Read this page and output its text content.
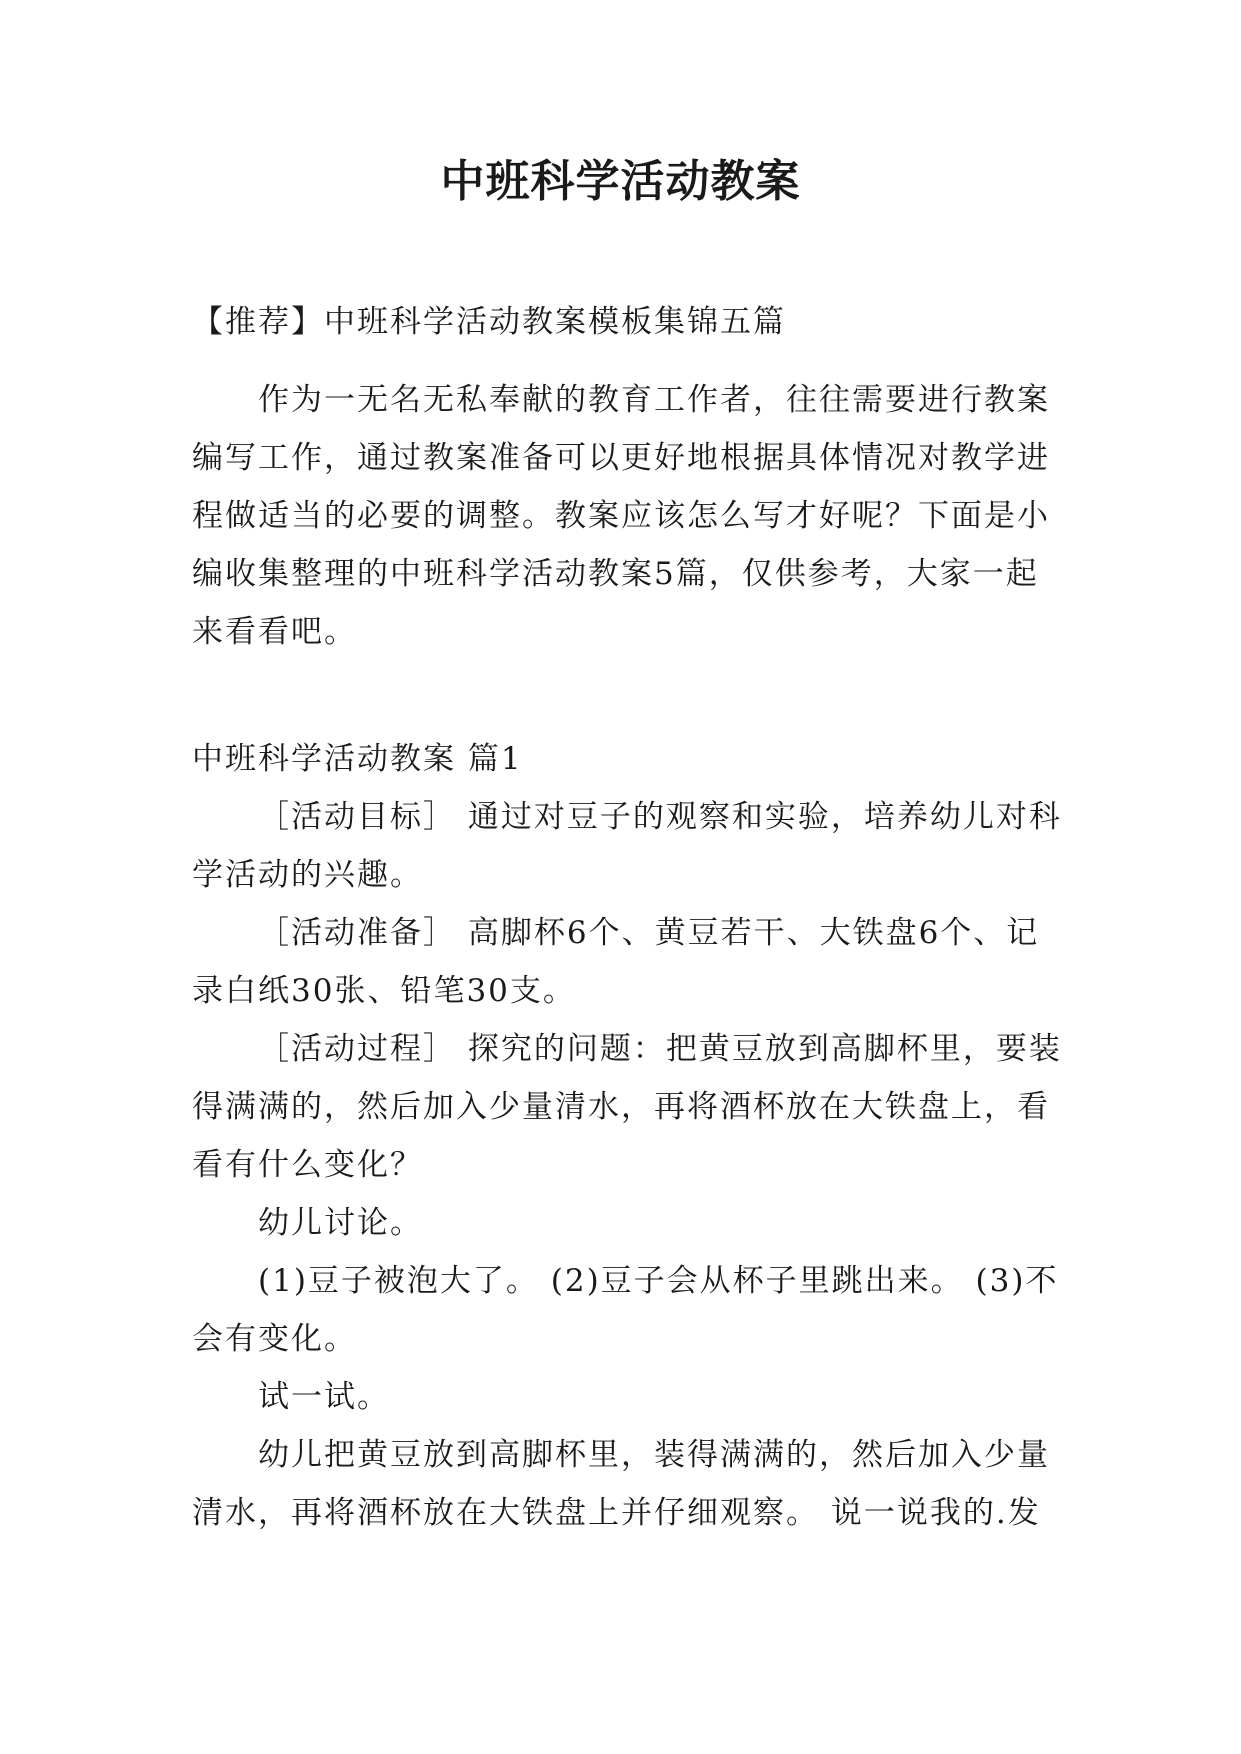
中班科学活动教案

【推荐】中班科学活动教案模板集锦五篇

作为一无名无私奉献的教育工作者，往往需要进行教案编写工作，通过教案准备可以更好地根据具体情况对教学进程做适当的必要的调整。教案应该怎么写才好呢？下面是小编收集整理的中班科学活动教案5篇，仅供参考，大家一起来看看吧。

中班科学活动教案 篇1

［活动目标］ 通过对豆子的观察和实验，培养幼儿对科学活动的兴趣。

［活动准备］ 高脚杯6个、黄豆若干、大铁盘6个、记录白纸30张、铅笔30支。

［活动过程］ 探究的问题：把黄豆放到高脚杯里，要装得满满的，然后加入少量清水，再将酒杯放在大铁盘上，看看有什么变化？

幼儿讨论。

(1)豆子被泡大了。 (2)豆子会从杯子里跳出来。 (3)不会有变化。

试一试。

幼儿把黄豆放到高脚杯里，装得满满的，然后加入少量清水，再将酒杯放在大铁盘上并仔细观察。 说一说我的.发
